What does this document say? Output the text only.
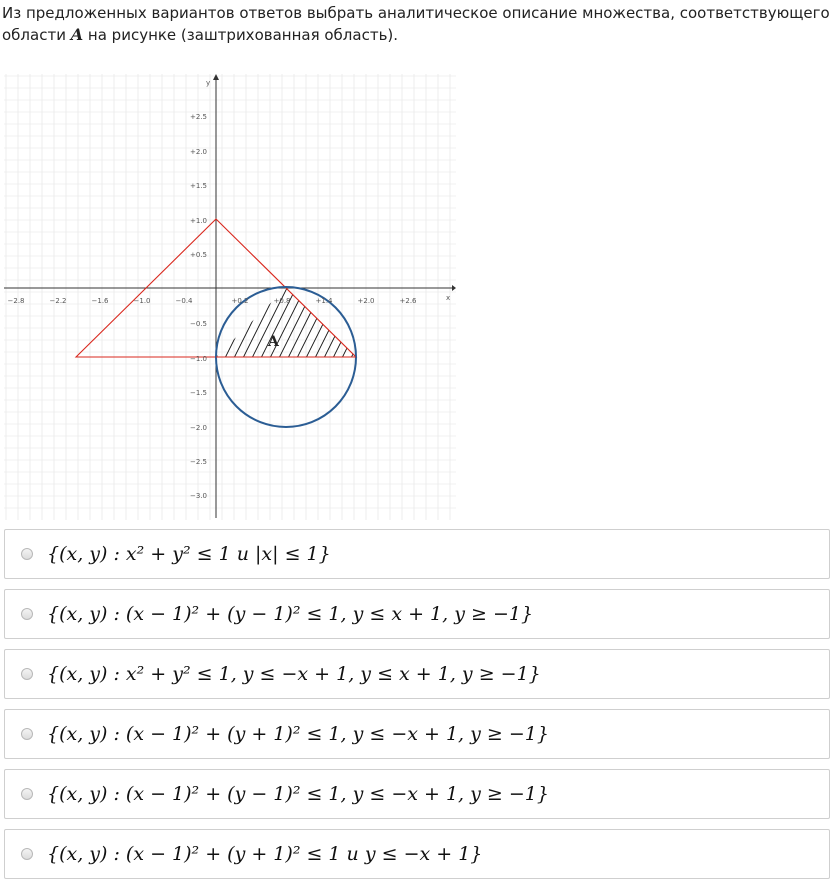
Из предложенных вариантов ответов выбрать аналитическое описание множества, соответствующего области A на рисунке (заштрихованная область).
−2.8	−2.2	−1.6	−1.0	−0.4	+0.2	+0.8	+1.4	+2.0	+2.6
+2.5
+2.0
+1.5
+1.0
+0.5
−0.5
−1.0
−1.5
−2.0
−2.5
−3.0
x
y
A
{(x, y) : x² + y² ≤ 1 и |x| ≤ 1}
{(x, y) : (x − 1)² + (y − 1)² ≤ 1, y ≤ x + 1, y ≥ −1}
{(x, y) : x² + y² ≤ 1, y ≤ −x + 1, y ≤ x + 1, y ≥ −1}
{(x, y) : (x − 1)² + (y + 1)² ≤ 1, y ≤ −x + 1, y ≥ −1}
{(x, y) : (x − 1)² + (y − 1)² ≤ 1, y ≤ −x + 1, y ≥ −1}
{(x, y) : (x − 1)² + (y + 1)² ≤ 1 и y ≤ −x + 1}
